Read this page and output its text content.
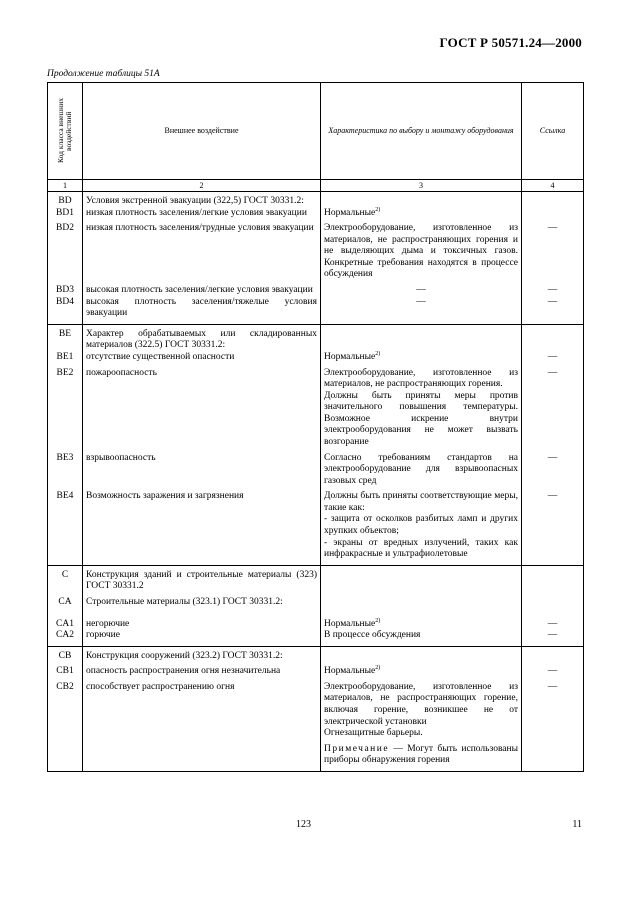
ГОСТ Р 50571.24—2000
Продолжение таблицы 51А
Код класса внешних воздействий	Внешнее воздействие	Характеристика по выбору и монтажу оборудования	Ссылка
1	2	3	4
BD	Условия экстренной эвакуации (322,5) ГОСТ 30331.2:		
BD1	низкая плотность заселения/легкие условия эвакуации	Нормальные$^{2)}$	
BD2	низкая плотность заселения/трудные условия эвакуации	Электрооборудование, изготовленное из материалов, не распространяющих горения и не выделяющих дыма и токсичных газов. Конкретные требования находятся в процессе обсуждения	—
BD3	высокая плотность заселения/легкие условия эвакуации	—	—
BD4	высокая плотность заселения/тяжелые условия эвакуации	—	—
BE	Характер обрабатываемых или складированных материалов (322.5) ГОСТ 30331.2:		
BE1	отсутствие существенной опасности	Нормальные$^{2)}$	—
BE2	пожароопасность	Электрооборудование, изготовленное из материалов, не распространяющих горения.
Должны быть приняты меры против значительного повышения температуры. Возможное искрение внутри электрооборудования не может вызвать возгорание	—
BE3	взрывоопасность	Согласно требованиям стандартов на электрооборудование для взрывоопасных газовых сред	—
BE4	Возможность заражения и загрязнения	Должны быть приняты соответствующие меры, такие как:
- защита от осколков разбитых ламп и других хрупких объектов;
- экраны от вредных излучений, таких как инфракрасные и ультрафиолетовые	—
C	Конструкция зданий и строительные материалы (323) ГОСТ 30331.2		
CA	Строительные материалы (323.1) ГОСТ 30331.2:		
CA1	негорючие	Нормальные$^{2)}$	—
CA2	горючие	В процессе обсуждения	—
CB	Конструкция сооружений (323.2) ГОСТ 30331.2:		
CB1	опасность распространения огня незначительна	Нормальные$^{2)}$	—
CB2	способствует распространению огня	Электрооборудование, изготовленное из материалов, не распространяющих горение, включая горение, возникшее не от электрической установки
Огнезащитные барьеры.
Примечание — Могут быть использованы приборы обнаружения горения	—
123	11
